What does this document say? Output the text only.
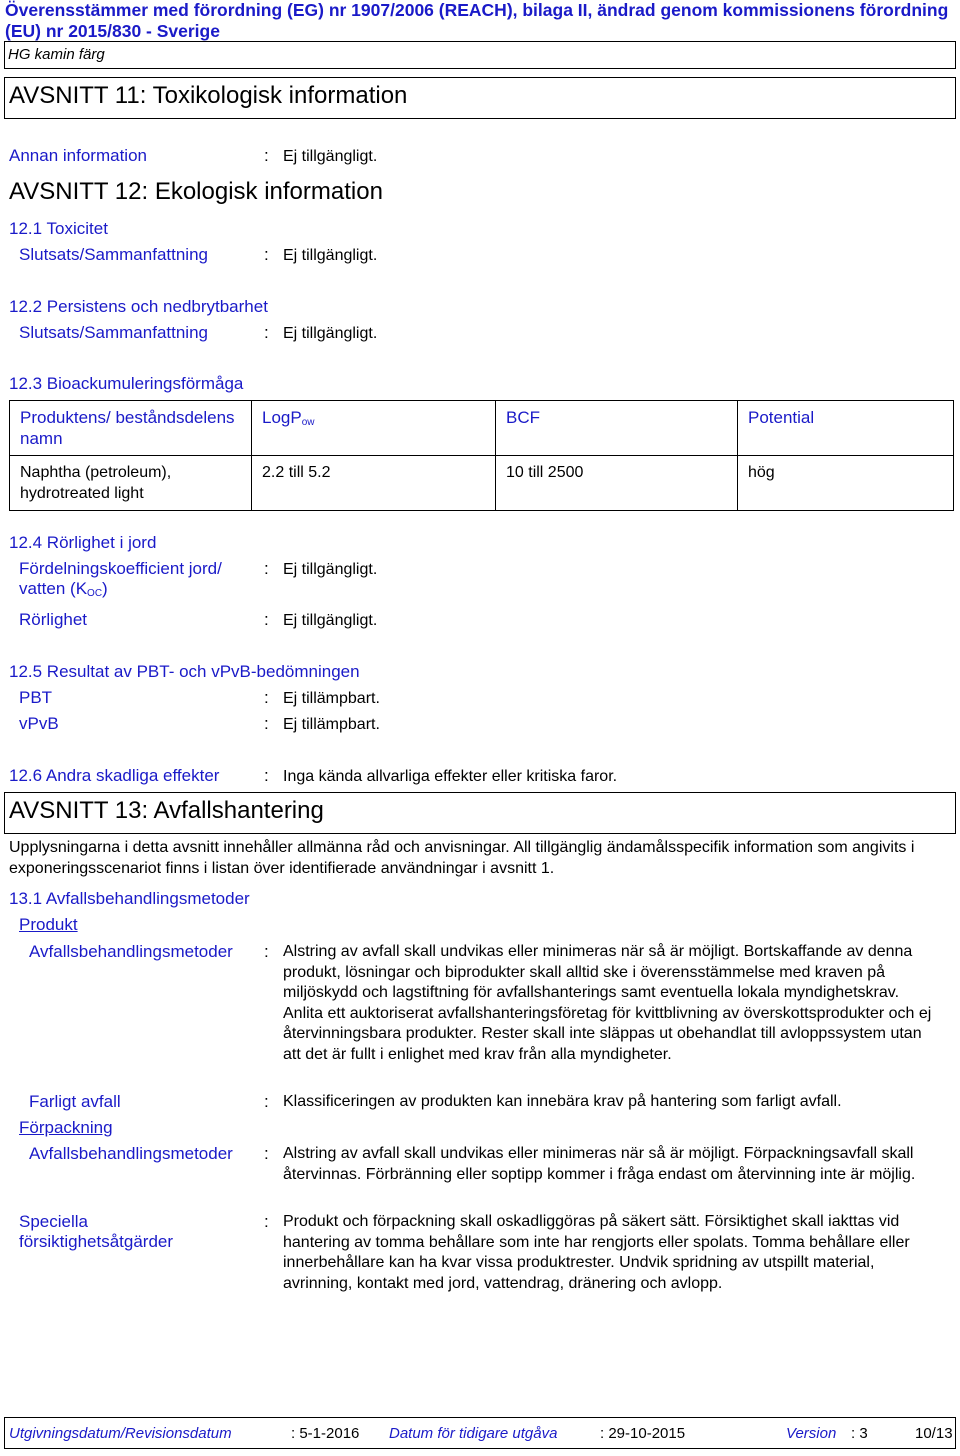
Överensstämmer med förordning (EG) nr 1907/2006 (REACH), bilaga II, ändrad genom kommissionens förordning (EU) nr 2015/830 - Sverige
HG kamin färg
AVSNITT 11: Toxikologisk information
Annan information	: Ej tillgängligt.
AVSNITT 12: Ekologisk information
12.1 Toxicitet
Slutsats/Sammanfattning	: Ej tillgängligt.
12.2 Persistens och nedbrytbarhet
Slutsats/Sammanfattning	: Ej tillgängligt.
12.3 Bioackumuleringsförmåga
Produktens/ beståndsdelens namn	LogP$_{ow}$	BCF	Potential
Naphtha (petroleum), hydrotreated light	2.2 till 5.2	10 till 2500	hög
12.4 Rörlighet i jord
Fördelningskoefficient jord/ vatten $(K_{OC})$
: Ej tillgängligt.
Rörlighet	: Ej tillgängligt.
12.5 Resultat av PBT- och vPvB-bedömningen
PBT	: Ej tillämpbart.
vPvB	: Ej tillämpbart.
12.6 Andra skadliga effekter	: Inga kända allvarliga effekter eller kritiska faror.
AVSNITT 13: Avfallshantering
Upplysningarna i detta avsnitt innehåller allmänna råd och anvisningar. All tillgänglig ändamålsspecifik information som angivits i exponeringsscenariot finns i listan över identifierade användningar i avsnitt 1.
13.1 Avfallsbehandlingsmetoder
Produkt
Avfallsbehandlingsmetoder : Alstring av avfall skall undvikas eller minimeras när så är möjligt. Bortskaffande av denna produkt, lösningar och biprodukter skall alltid ske i överensstämmelse med kraven på miljöskydd och lagstiftning för avfallshanterings samt eventuella lokala myndighetskrav. Anlita ett auktoriserat avfallshanteringsföretag för kvittblivning av överskottsprodukter och ej återvinningsbara produkter. Rester skall inte släppas ut obehandlat till avloppssystem utan att det är fullt i enlighet med krav från alla myndigheter.
Farligt avfall	: Klassificeringen av produkten kan innebära krav på hantering som farligt avfall.
Förpackning
Avfallsbehandlingsmetoder : Alstring av avfall skall undvikas eller minimeras när så är möjligt. Förpackningsavfall skall återvinnas. Förbränning eller soptipp kommer i fråga endast om återvinning inte är möjlig.
Speciella försiktighetsåtgärder
: Produkt och förpackning skall oskadliggöras på säkert sätt. Försiktighet skall iakttas vid hantering av tomma behållare som inte har rengjorts eller spolats. Tomma behållare eller innerbehållare kan ha kvar vissa produktrester. Undvik spridning av utspillt material, avrinning, kontakt med jord, vattendrag, dränering och avlopp.
Utgivningsdatum/Revisionsdatum	: 5-1-2016 Datum för tidigare utgåva	: 29-10-2015	Version : 3	10/13
